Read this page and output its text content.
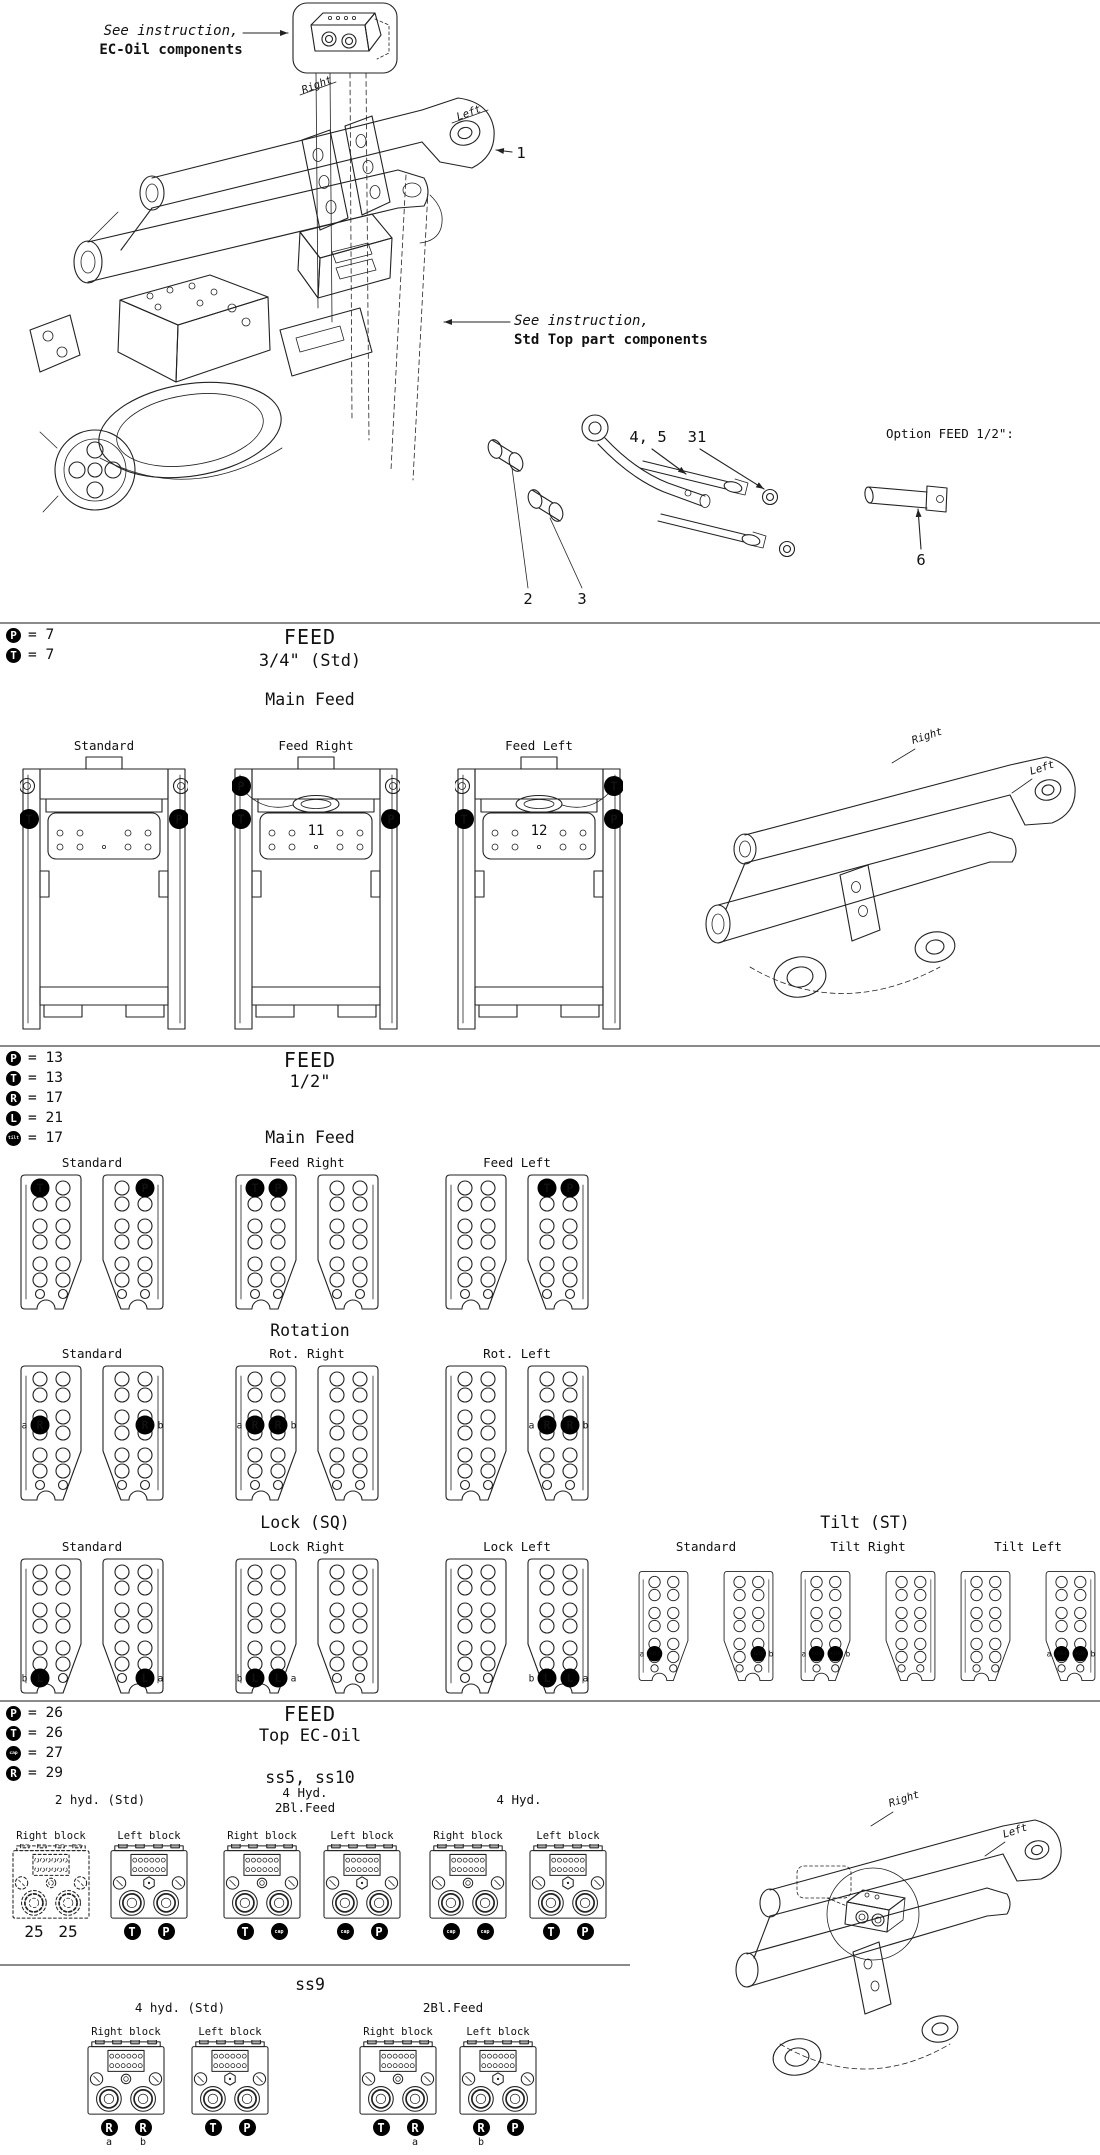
1
2	3
4, 5 31
6
Right
Left
See instruction,
EC-Oil components
See instruction,
Std Top part components
Option FEED 1/2":
P = 7
T = 7
FEED
3/4" (Std)
Main Feed
Right
Left
P = 13
T = 13
R = 17
L = 21
tilt = 17
FEED
1/2"
Main Feed
Rotation
Lock (SQ)	Tilt (ST)
P = 26
T = 26
cap = 27
R = 29
FEED
Top EC-Oil
ss5, ss10
2 hyd. (Std)	4 Hyd.
2Bl.Feed
4 Hyd.	Right
Left
ss9
4 hyd. (Std)	2Bl.Feed
Standard
T	P
Feed Right
11
P
T	P
Feed Left
12
T
T	P
Standard
T	P
Feed Right
T P
Feed Left
T P
Standard
R
a	R b
Rot. Right
R
a	R b
Rot. Left
R
a	R b
Standard
L
b	L a
Lock Right
L
b	L a
Lock Left
L
b	L a
Standard
tilt
a	tilt b
Tilt Right
tilt
a	tilt b
Tilt Left
tilt
a	tilt b
Right block
25 25
Left block
T	P
Right block
T	cap
Left block
cap	P
Right block
cap	cap
Left block
T	P
Right block
R	R
a	b
Left block
T	P
Right block
T	R
a
Left block
R	P
b
